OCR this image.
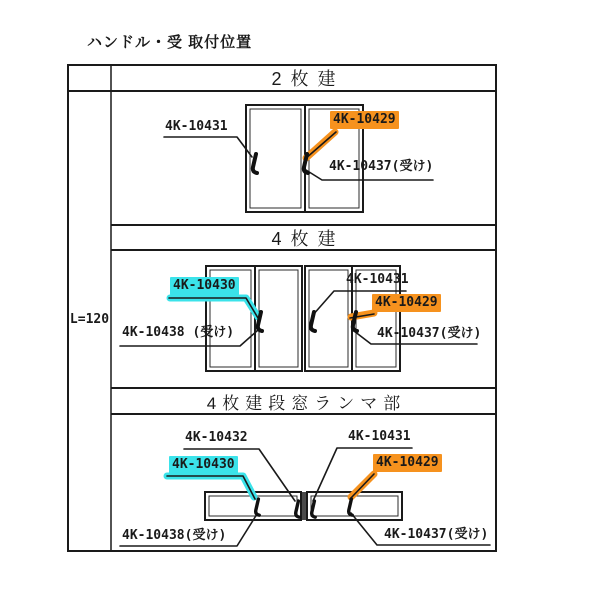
ハンドル・受 取付位置
2枚建
4枚建
4枚建段窓ランマ部
L=120
4K-10431	4K-10429
4K-10437(受け)
4K-10430	4K-10431
4K-10429
4K-10438 (受け)	4K-10437(受け)
4K-10432	4K-10431
4K-10430	4K-10429
4K-10438(受け)	4K-10437(受け)
